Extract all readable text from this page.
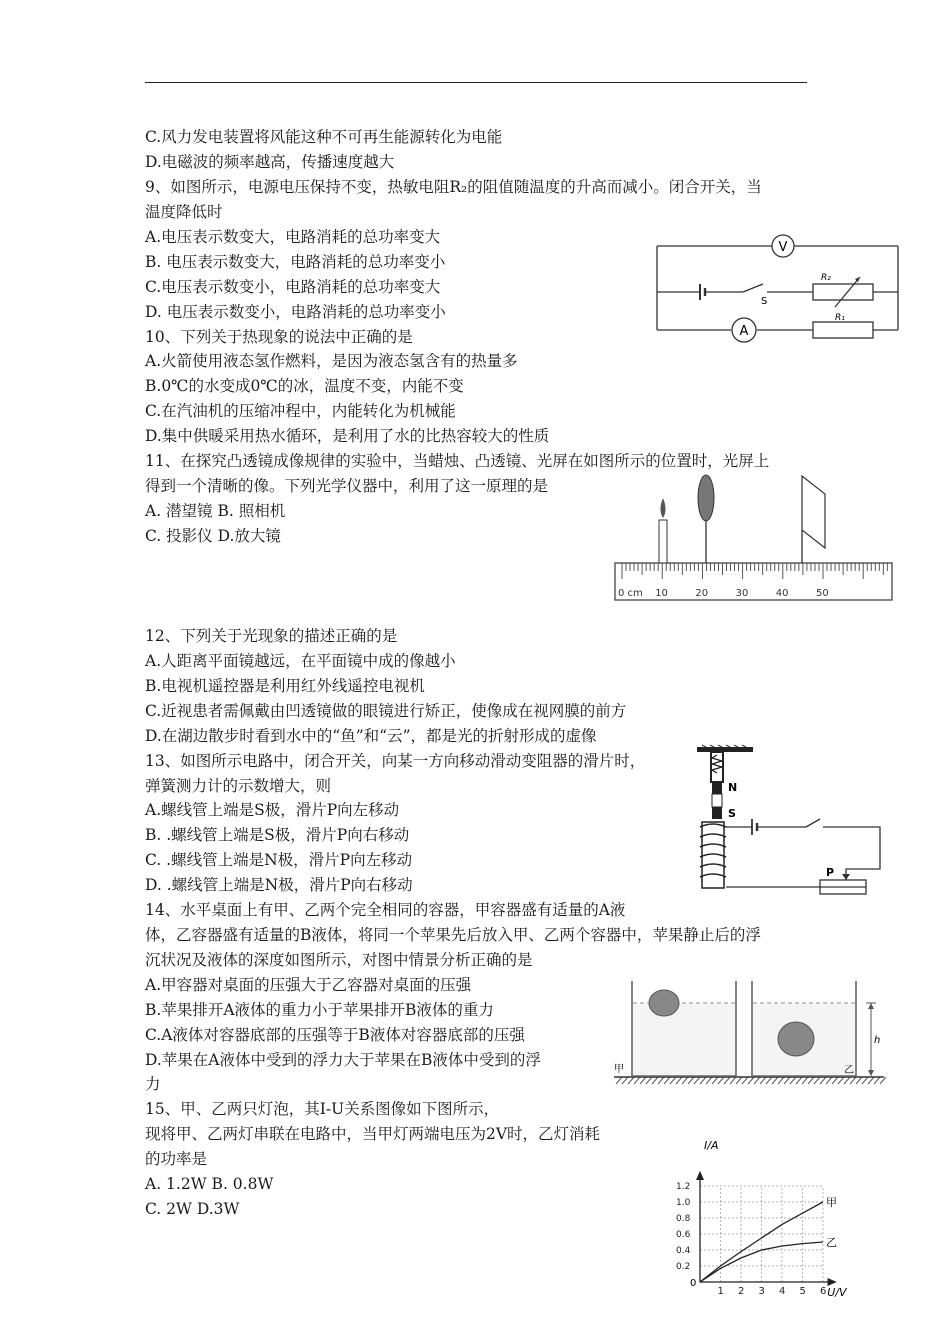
C.风力发电装置将风能这种不可再生能源转化为电能
D.电磁波的频率越高，传播速度越大
9、如图所示，电源电压保持不变，热敏电阻R₂的阻值随温度的升高而减小。闭合开关，当
温度降低时
A.电压表示数变大，电路消耗的总功率变大
B. 电压表示数变大，电路消耗的总功率变小
C.电压表示数变小，电路消耗的总功率变大
D. 电压表示数变小，电路消耗的总功率变小
10、下列关于热现象的说法中正确的是
A.火箭使用液态氢作燃料，是因为液态氢含有的热量多
B.0℃的水变成0℃的冰，温度不变，内能不变
C.在汽油机的压缩冲程中，内能转化为机械能
D.集中供暖采用热水循环，是利用了水的比热容较大的性质
11、在探究凸透镜成像规律的实验中，当蜡烛、凸透镜、光屏在如图所示的位置时，光屏上
得到一个清晰的像。下列光学仪器中，利用了这一原理的是
A. 潜望镜 B. 照相机
C. 投影仪 D.放大镜
12、下列关于光现象的描述正确的是
A.人距离平面镜越远，在平面镜中成的像越小
B.电视机遥控器是利用红外线遥控电视机
C.近视患者需佩戴由凹透镜做的眼镜进行矫正，使像成在视网膜的前方
D.在湖边散步时看到水中的“鱼”和“云”，都是光的折射形成的虚像
13、如图所示电路中，闭合开关，向某一方向移动滑动变阻器的滑片时，
弹簧测力计的示数增大，则
A.螺线管上端是S极，滑片P向左移动
B. .螺线管上端是S极，滑片P向右移动
C. .螺线管上端是N极，滑片P向左移动
D. .螺线管上端是N极，滑片P向右移动
14、水平桌面上有甲、乙两个完全相同的容器，甲容器盛有适量的A液
体，乙容器盛有适量的B液体，将同一个苹果先后放入甲、乙两个容器中，苹果静止后的浮
沉状况及液体的深度如图所示，对图中情景分析正确的是
A.甲容器对桌面的压强大于乙容器对桌面的压强
B.苹果排开A液体的重力小于苹果排开B液体的重力
C.A液体对容器底部的压强等于B液体对容器底部的压强
D.苹果在A液体中受到的浮力大于苹果在B液体中受到的浮
力
15、甲、乙两只灯泡，其I-U关系图像如下图所示，
现将甲、乙两灯串联在电路中，当甲灯两端电压为2V时，乙灯消耗
的功率是
A. 1.2W B. 0.8W
C. 2W D.3W
V
A
S
R₂
R₁
0 cm 10	20	30	40	50
N
S
P
h
甲	乙
1 2 3 4 5 6
0.2
0.4
0.6
0.8
1.0
1.2
甲
乙
I/A
U/V
0
